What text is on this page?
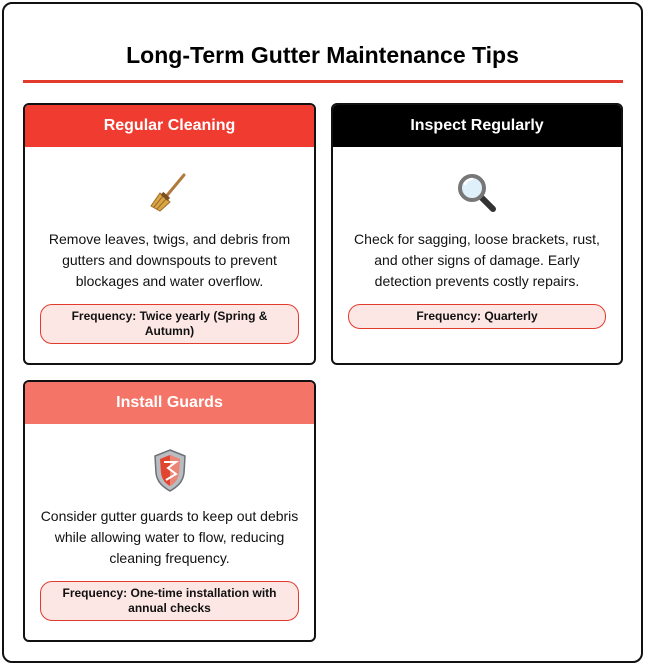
Long-Term Gutter Maintenance Tips
Regular Cleaning
Remove leaves, twigs, and debris from gutters and downspouts to prevent blockages and water overflow.
Frequency: Twice yearly (Spring & Autumn)
Inspect Regularly
Check for sagging, loose brackets, rust, and other signs of damage. Early detection prevents costly repairs.
Frequency: Quarterly
Install Guards
Consider gutter guards to keep out debris while allowing water to flow, reducing cleaning frequency.
Frequency: One-time installation with annual checks
